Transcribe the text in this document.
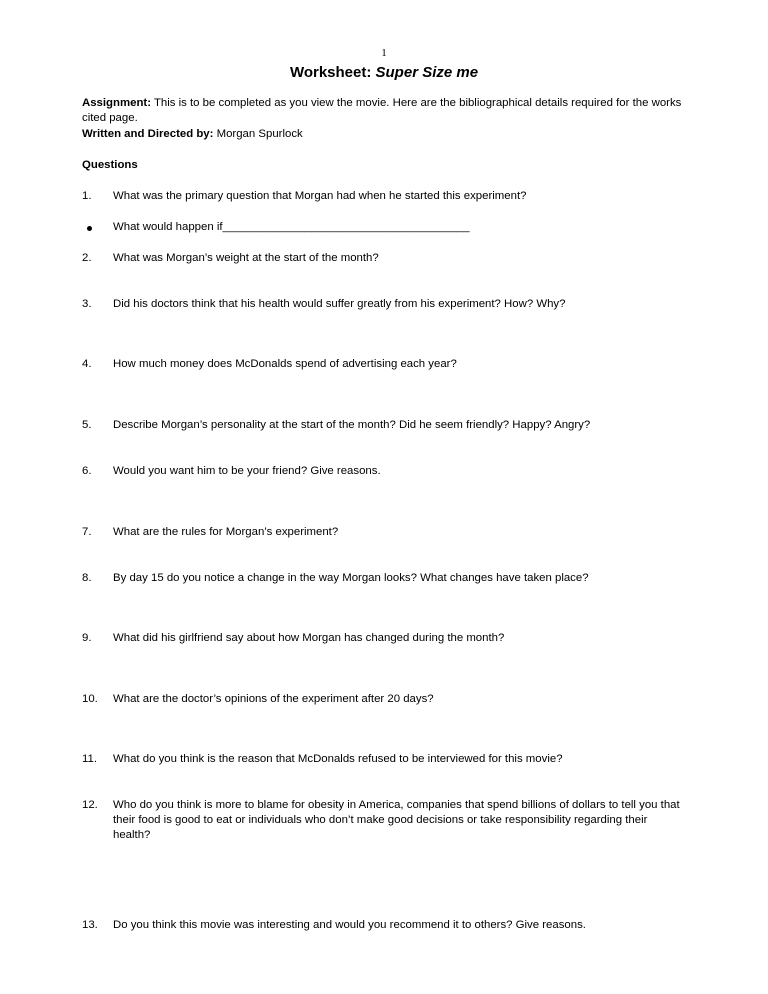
1
Worksheet: Super Size me
Assignment: This is to be completed as you view the movie. Here are the bibliographical details required for the works cited page.
Written and Directed by: Morgan Spurlock
Questions
1.	What was the primary question that Morgan had when he started this experiment?
What would happen if_______________________________________
2.	What was Morgan’s weight at the start of the month?
3.	Did his doctors think that his health would suffer greatly from his experiment? How? Why?
4.	How much money does McDonalds spend of advertising each year?
5.	Describe Morgan’s personality at the start of the month? Did he seem friendly? Happy? Angry?
6.	Would you want him to be your friend? Give reasons.
7.	What are the rules for Morgan’s experiment?
8.	By day 15 do you notice a change in the way Morgan looks? What changes have taken place?
9.	What did his girlfriend say about how Morgan has changed during the month?
10.	What are the doctor’s opinions of the experiment after 20 days?
11.	What do you think is the reason that McDonalds refused to be interviewed for this movie?
12.	Who do you think is more to blame for obesity in America, companies that spend billions of dollars to tell you that their food is good to eat or individuals who don’t make good decisions or take responsibility regarding their health?
13.	Do you think this movie was interesting and would you recommend it to others? Give reasons.
